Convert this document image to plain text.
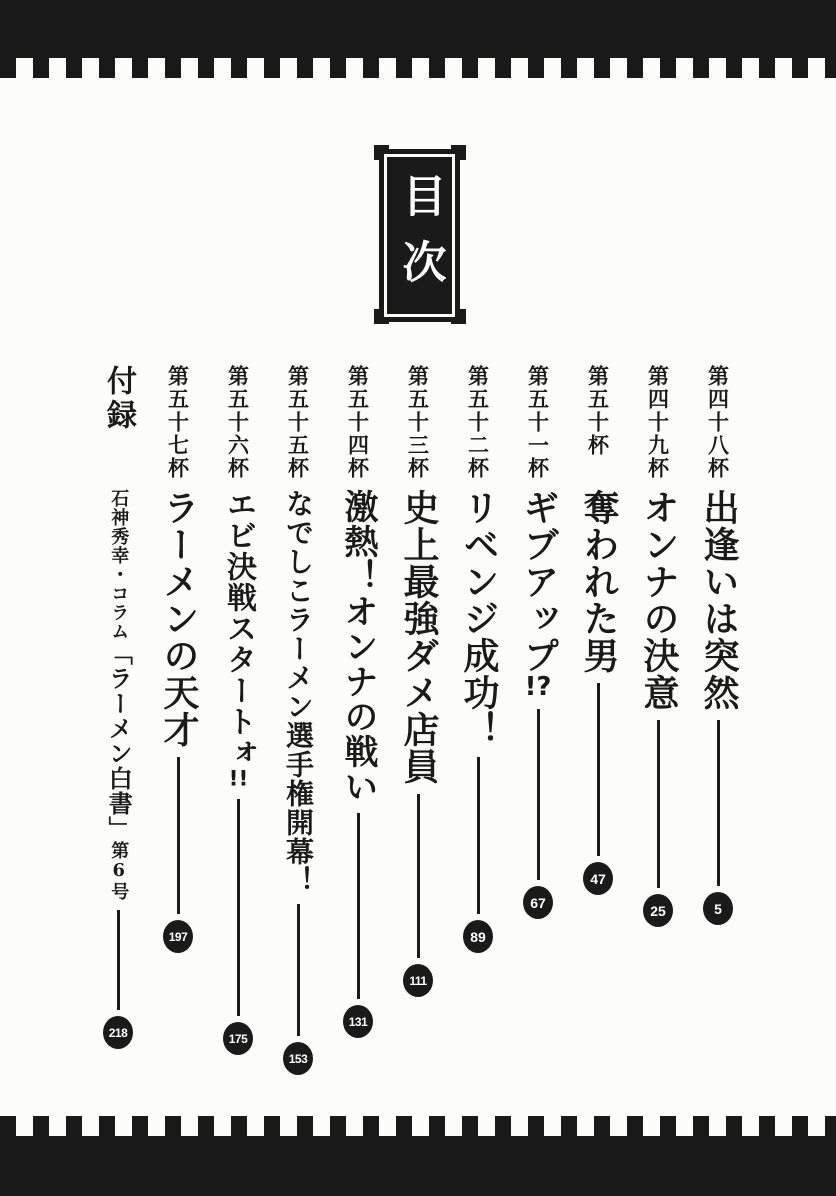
目次
付録
石神秀幸・コラム「ラーメン白書」第6号
218
第四十八杯
出逢いは突然
5
第四十九杯
オンナの決意
25
第五十杯
奪われた男
47
第五十一杯
ギブアップ!?
67
第五十二杯
リベンジ成功！
89
第五十三杯
史上最強ダメ店員
111
第五十四杯
激熱！オンナの戦い
131
第五十五杯
なでしこラーメン選手権開幕！
153
第五十六杯
エビ決戦スタートォ!!
175
第五十七杯
ラーメンの天才
197
